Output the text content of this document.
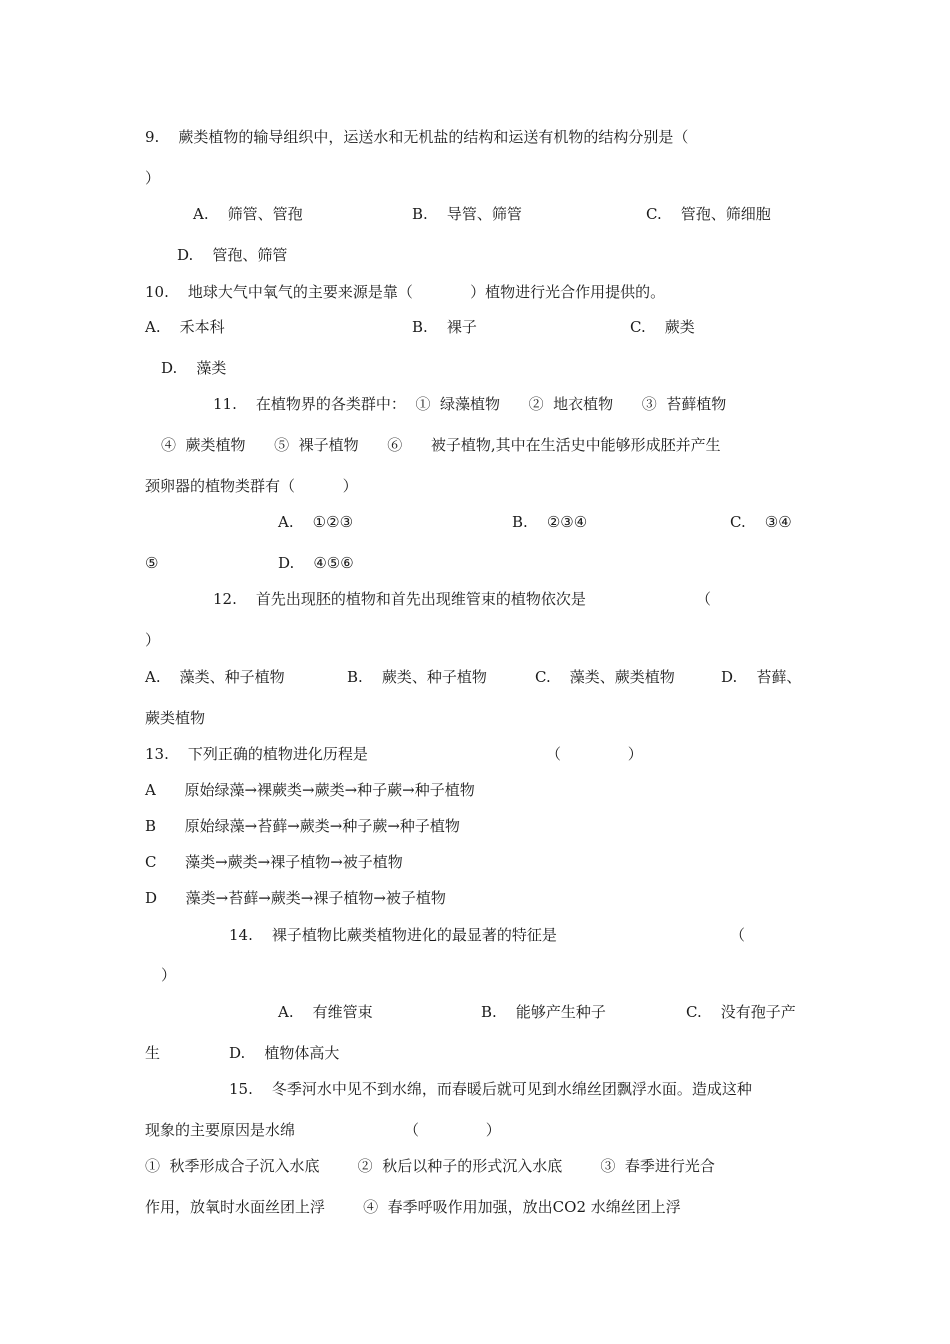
9.    蕨类植物的输导组织中，运送水和无机盐的结构和运送有机物的结构分别是（
）
A.    筛管、管孢	B.    导管、筛管	C.    管孢、筛细胞
D.    管孢、筛管
10.    地球大气中氧气的主要来源是靠（            ）植物进行光合作用提供的。
A.    禾本科	B.    裸子	C.    蕨类
D.    藻类
11.    在植物界的各类群中：  ①  绿藻植物      ②  地衣植物      ③  苔藓植物
④  蕨类植物      ⑤  裸子植物      ⑥      被子植物,其中在生活史中能够形成胚并产生
颈卵器的植物类群有（          ）
A.    ①②③	B.    ②③④	C.    ③④
⑤	D.    ④⑤⑥
12.    首先出现胚的植物和首先出现维管束的植物依次是	（
）
A.    藻类、种子植物	B.    蕨类、种子植物	C.    藻类、蕨类植物	D.    苔藓、
蕨类植物
13.    下列正确的植物进化历程是	（              ）
A      原始绿藻→裸蕨类→蕨类→种子蕨→种子植物
B      原始绿藻→苔藓→蕨类→种子蕨→种子植物
C      藻类→蕨类→裸子植物→被子植物
D      藻类→苔藓→蕨类→裸子植物→被子植物
14.    裸子植物比蕨类植物进化的最显著的特征是	（
）
A.    有维管束	B.    能够产生种子	C.    没有孢子产
生	D.    植物体高大
15.    冬季河水中见不到水绵，而春暖后就可见到水绵丝团飘浮水面。造成这种
现象的主要原因是水绵	（              ）
①  秋季形成合子沉入水底        ②  秋后以种子的形式沉入水底        ③  春季进行光合
作用，放氧时水面丝团上浮        ④  春季呼吸作用加强，放出CO2 水绵丝团上浮
